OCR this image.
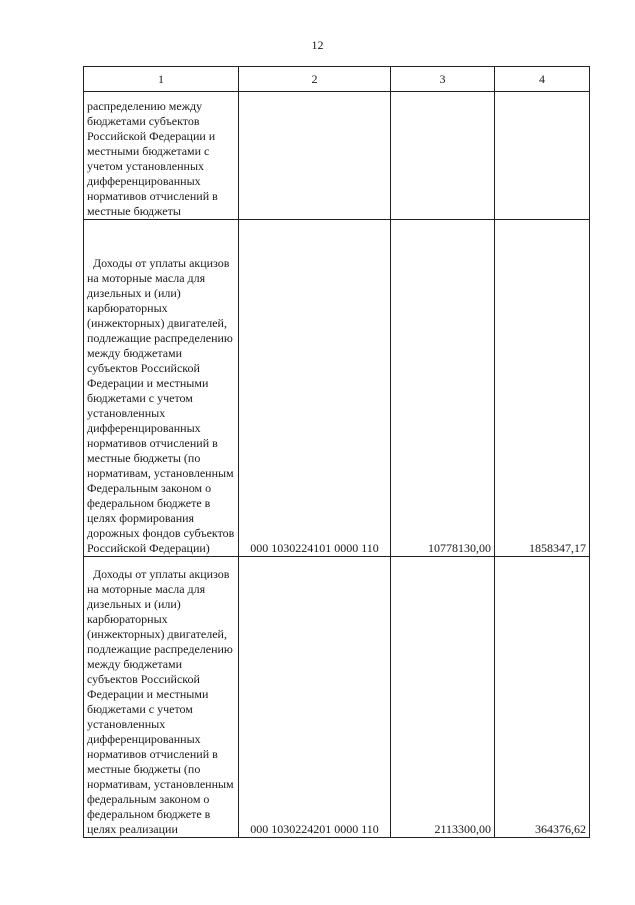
12
1	2	3	4
распределению между бюджетами субъектов Российской Федерации и местными бюджетами с учетом установленных дифференцированных нормативов отчислений в местные бюджеты			
Доходы от уплаты акцизов на моторные масла для дизельных и (или) карбюраторных (инжекторных) двигателей, подлежащие распределению между бюджетами субъектов Российской Федерации и местными бюджетами с учетом установленных дифференцированных нормативов отчислений в местные бюджеты (по нормативам, установленным Федеральным законом о федеральном бюджете в целях формирования дорожных фондов субъектов Российской Федерации)	000 1030224101 0000 110	10778130,00	1858347,17
Доходы от уплаты акцизов на моторные масла для дизельных и (или) карбюраторных (инжекторных) двигателей, подлежащие распределению между бюджетами субъектов Российской Федерации и местными бюджетами с учетом установленных дифференцированных нормативов отчислений в местные бюджеты (по нормативам, установленным федеральным законом о федеральном бюджете в целях реализации	000 1030224201 0000 110	2113300,00	364376,62
